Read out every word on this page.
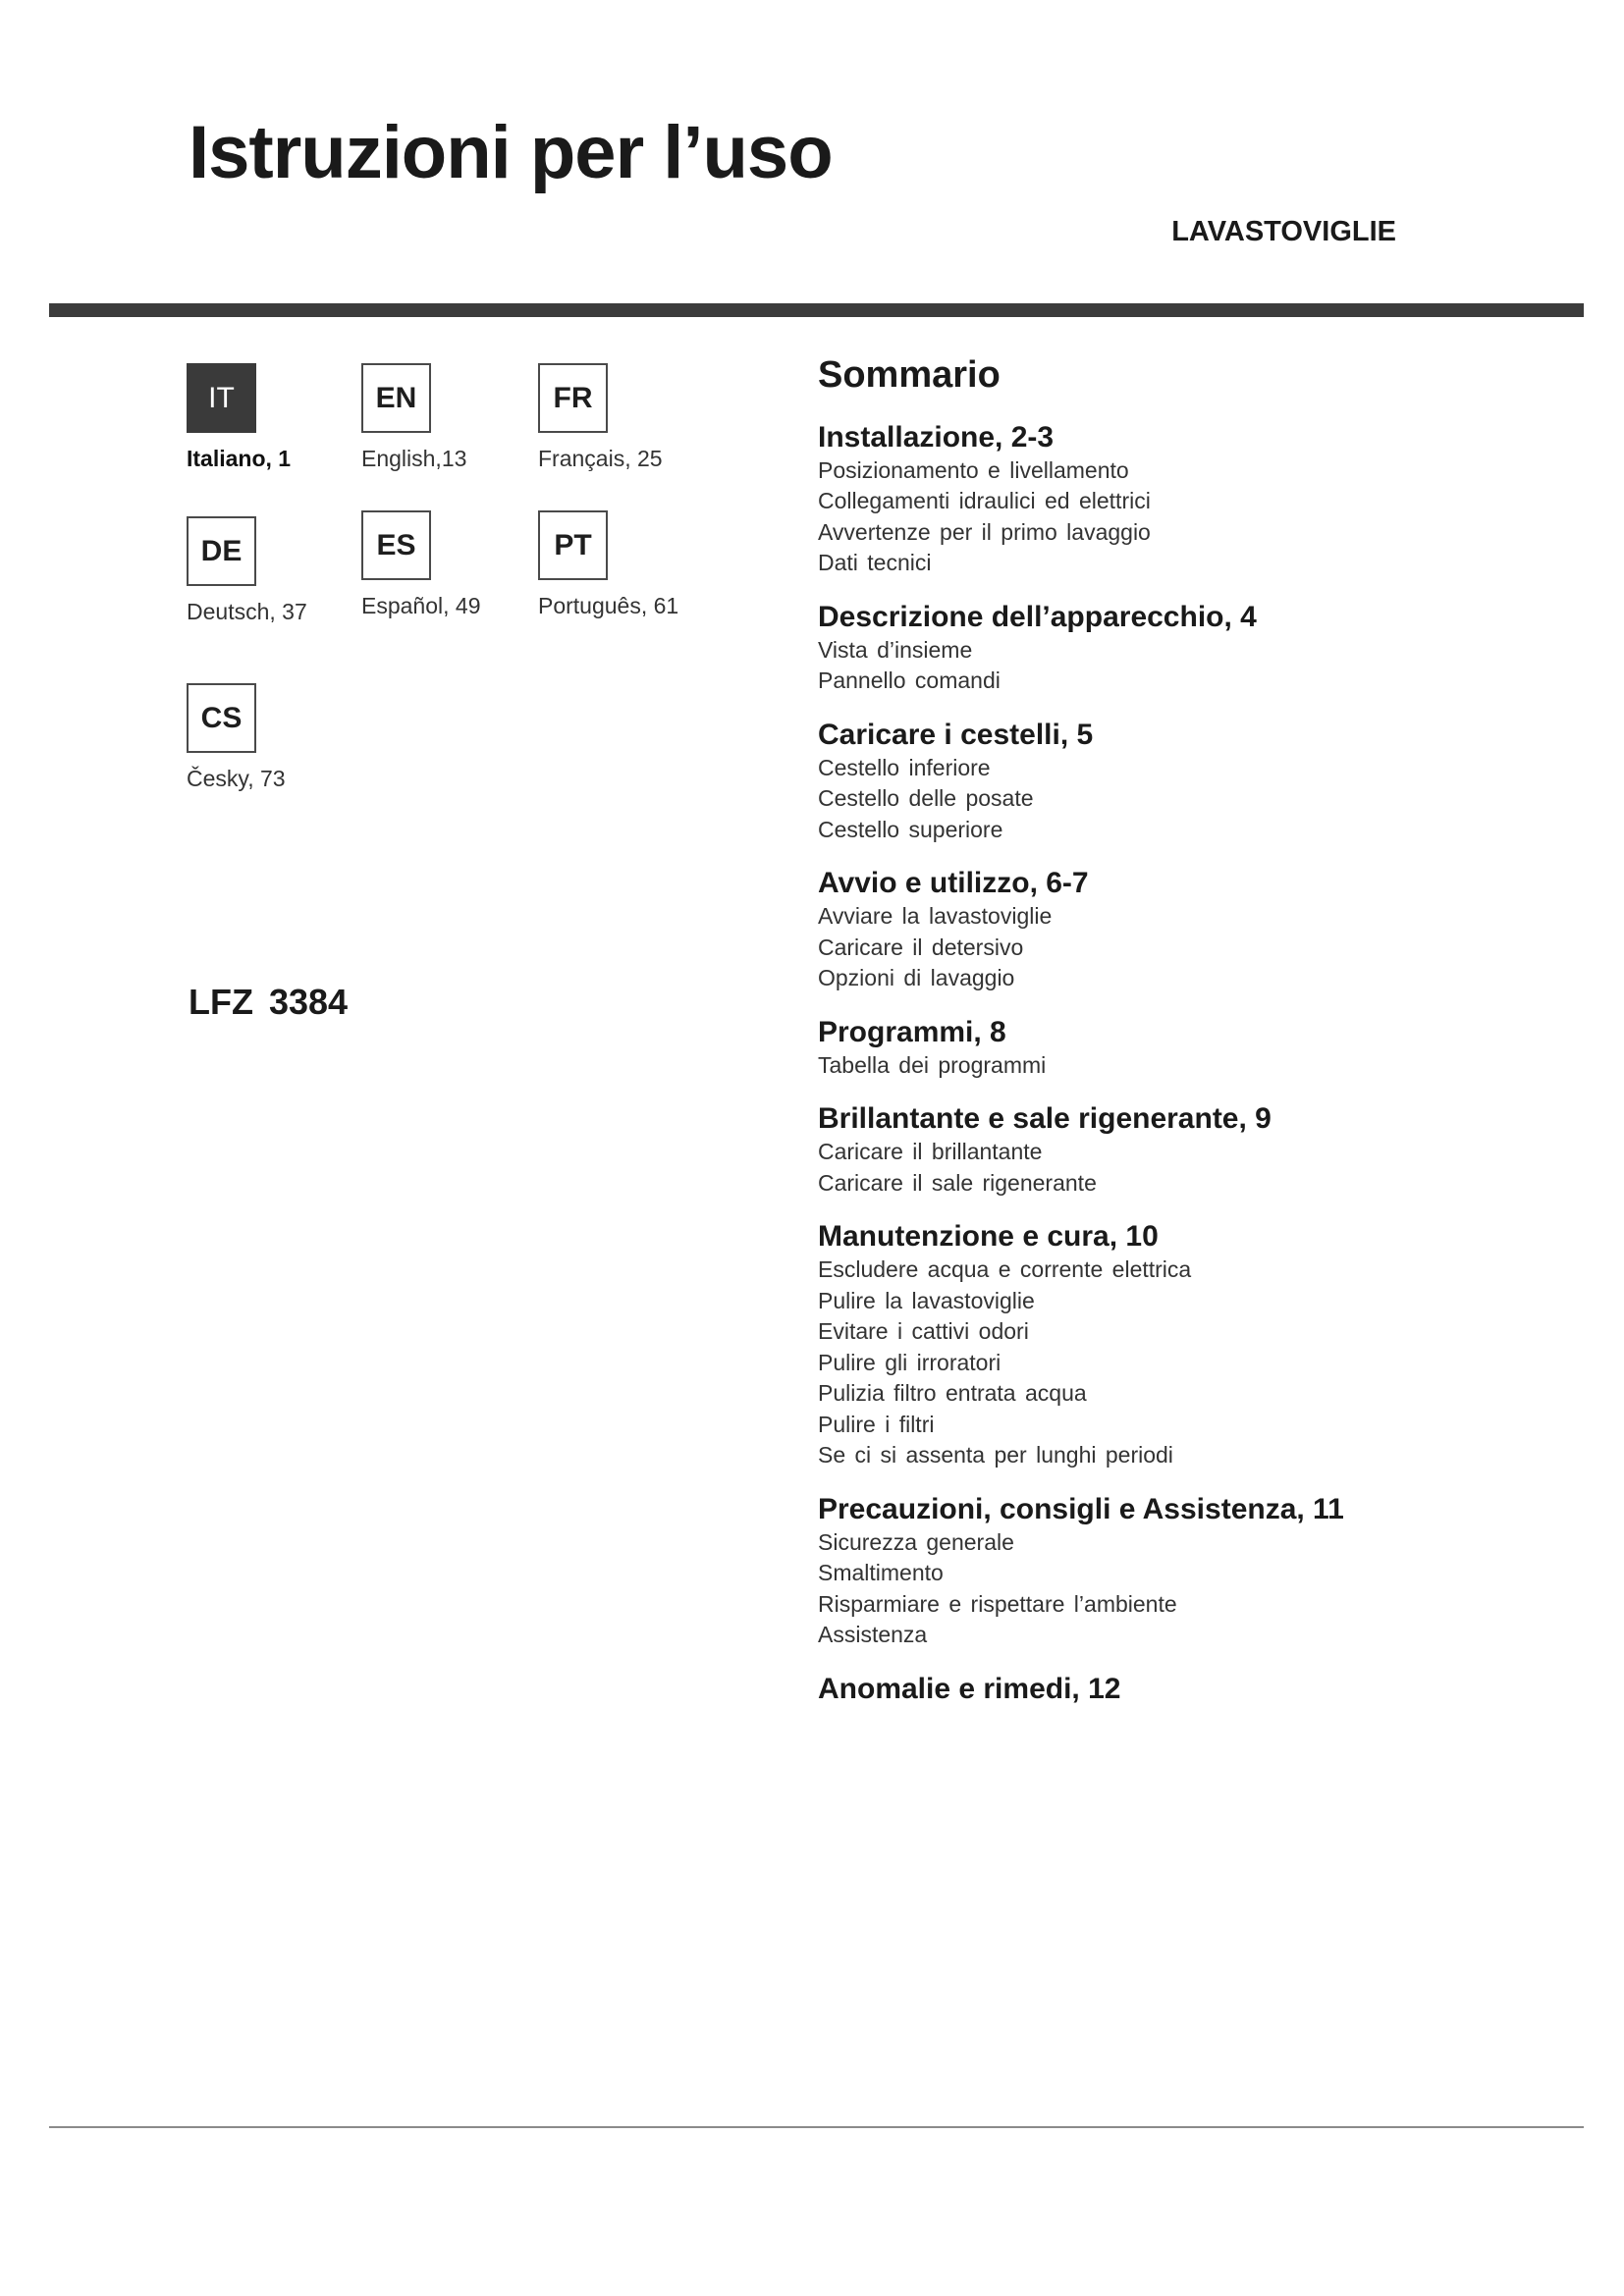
Istruzioni per l’uso
LAVASTOVIGLIE
IT
Italiano, 1
EN
English,13
FR
Français, 25
DE
Deutsch, 37
ES
Español, 49
PT
Português, 61
CS
Česky, 73
LFZ 3384
Sommario
Installazione, 2-3
Posizionamento e livellamento
Collegamenti idraulici ed elettrici
Avvertenze per il primo lavaggio
Dati tecnici
Descrizione dell’apparecchio, 4
Vista d’insieme
Pannello comandi
Caricare i cestelli, 5
Cestello inferiore
Cestello delle posate
Cestello superiore
Avvio e utilizzo, 6-7
Avviare la lavastoviglie
Caricare il detersivo
Opzioni di lavaggio
Programmi, 8
Tabella dei programmi
Brillantante e sale rigenerante, 9
Caricare il brillantante
Caricare il sale rigenerante
Manutenzione e cura, 10
Escludere acqua e corrente elettrica
Pulire la lavastoviglie
Evitare i cattivi odori
Pulire gli irroratori
Pulizia filtro entrata acqua
Pulire i filtri
Se ci si assenta per lunghi periodi
Precauzioni, consigli e Assistenza, 11
Sicurezza generale
Smaltimento
Risparmiare e rispettare l’ambiente
Assistenza
Anomalie e rimedi, 12
